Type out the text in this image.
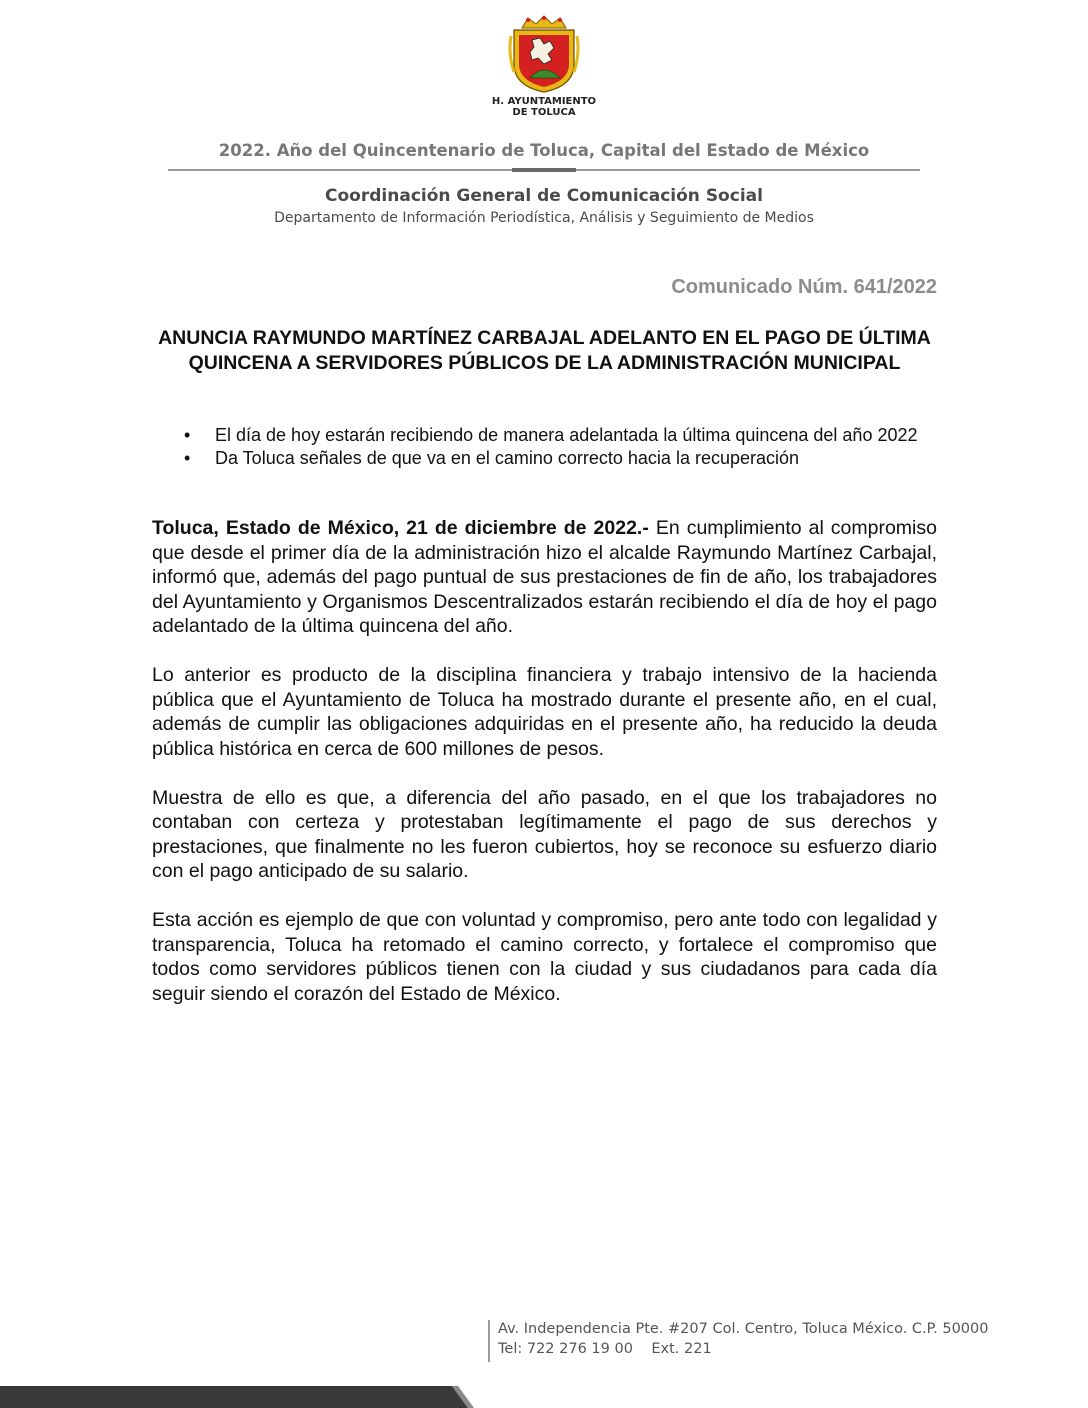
H. AYUNTAMIENTO
DE TOLUCA
2022. Año del Quincentenario de Toluca, Capital del Estado de México
Coordinación General de Comunicación Social
Departamento de Información Periodística, Análisis y Seguimiento de Medios
Comunicado Núm. 641/2022
ANUNCIA RAYMUNDO MARTÍNEZ CARBAJAL ADELANTO EN EL PAGO DE ÚLTIMA QUINCENA A SERVIDORES PÚBLICOS DE LA ADMINISTRACIÓN MUNICIPAL
• El día de hoy estarán recibiendo de manera adelantada la última quincena del año 2022
• Da Toluca señales de que va en el camino correcto hacia la recuperación

Toluca, Estado de México, 21 de diciembre de 2022.- En cumplimiento al compromiso que desde el primer día de la administración hizo el alcalde Raymundo Martínez Carbajal, informó que, además del pago puntual de sus prestaciones de fin de año, los trabajadores del Ayuntamiento y Organismos Descentralizados estarán recibiendo el día de hoy el pago adelantado de la última quincena del año.

Lo anterior es producto de la disciplina financiera y trabajo intensivo de la hacienda pública que el Ayuntamiento de Toluca ha mostrado durante el presente año, en el cual, además de cumplir las obligaciones adquiridas en el presente año, ha reducido la deuda pública histórica en cerca de 600 millones de pesos.

Muestra de ello es que, a diferencia del año pasado, en el que los trabajadores no contaban con certeza y protestaban legítimamente el pago de sus derechos y prestaciones, que finalmente no les fueron cubiertos, hoy se reconoce su esfuerzo diario con el pago anticipado de su salario.

Esta acción es ejemplo de que con voluntad y compromiso, pero ante todo con legalidad y transparencia, Toluca ha retomado el camino correcto, y fortalece el compromiso que todos como servidores públicos tienen con la ciudad y sus ciudadanos para cada día seguir siendo el corazón del Estado de México.

Av. Independencia Pte. #207 Col. Centro, Toluca México. C.P. 50000
Tel: 722 276 19 00    Ext. 221
